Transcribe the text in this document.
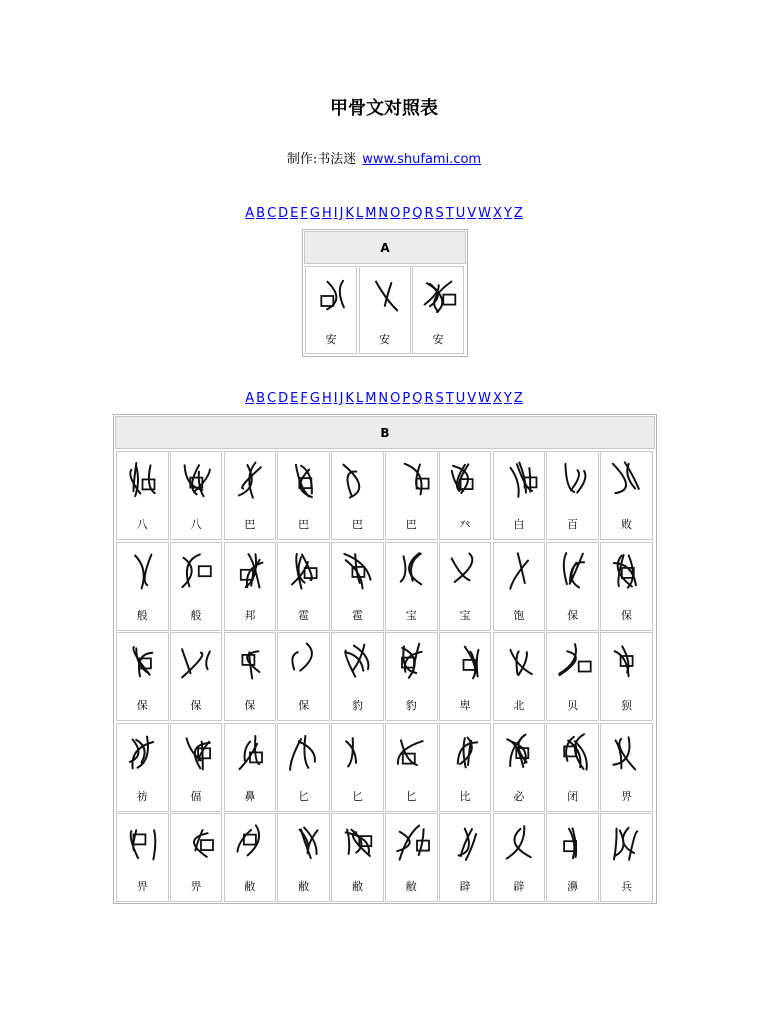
甲骨文对照表
制作:书法迷 www.shufami.com
A B C D E F G H I J K L M N O P Q R S T U V W X Y Z
A
安	安	安
A B C D E F G H I J K L M N O P Q R S T U V W X Y Z
B
八	八	巴	巴	巴	巴	癶	白	百	败
般	般	邦	雹	雹	宝	宝	饱	保	保
保	保	保	保	豹	豹	卑	北	贝	狈
祊	偪	鼻	匕	匕	匕	比	必	闭	畀
畀	畀	敝	敝	敝	敝	辟	辟	濞	兵
